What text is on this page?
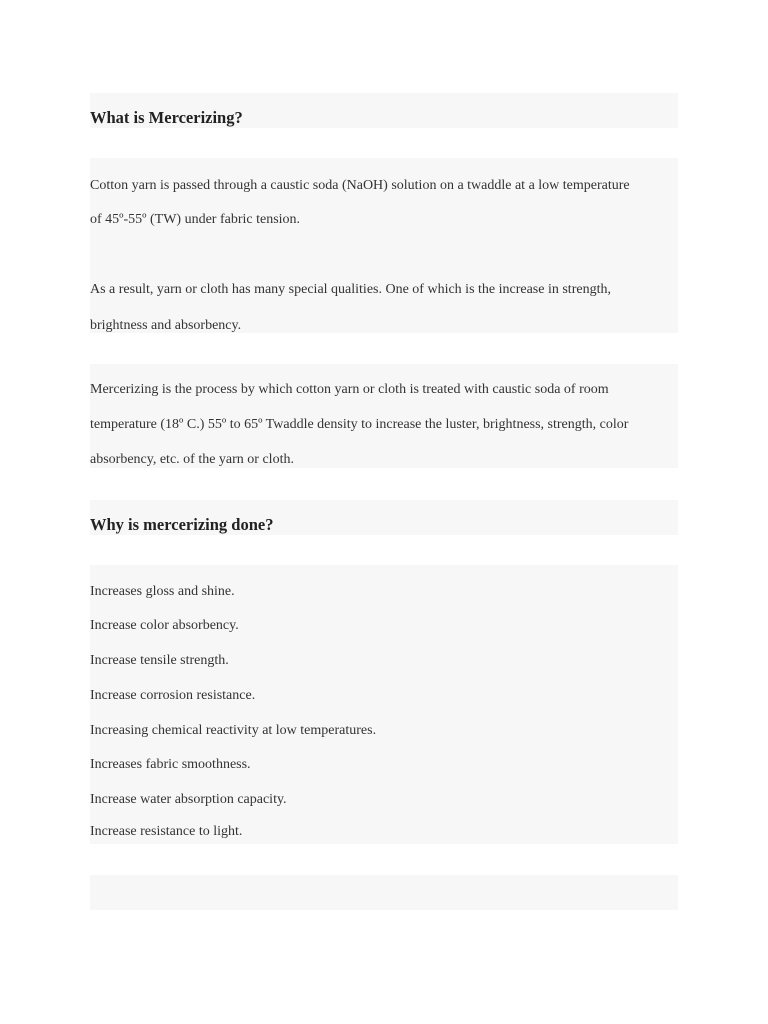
What is Mercerizing?
Cotton yarn is passed through a caustic soda (NaOH) solution on a twaddle at a low temperature
of 45º-55º (TW) under fabric tension.
As a result, yarn or cloth has many special qualities. One of which is the increase in strength,
brightness and absorbency.
Mercerizing is the process by which cotton yarn or cloth is treated with caustic soda of room
temperature (18º C.) 55º to 65º Twaddle density to increase the luster, brightness, strength, color
absorbency, etc. of the yarn or cloth.
Why is mercerizing done?
Increases gloss and shine.
Increase color absorbency.
Increase tensile strength.
Increase corrosion resistance.
Increasing chemical reactivity at low temperatures.
Increases fabric smoothness.
Increase water absorption capacity.
Increase resistance to light.
